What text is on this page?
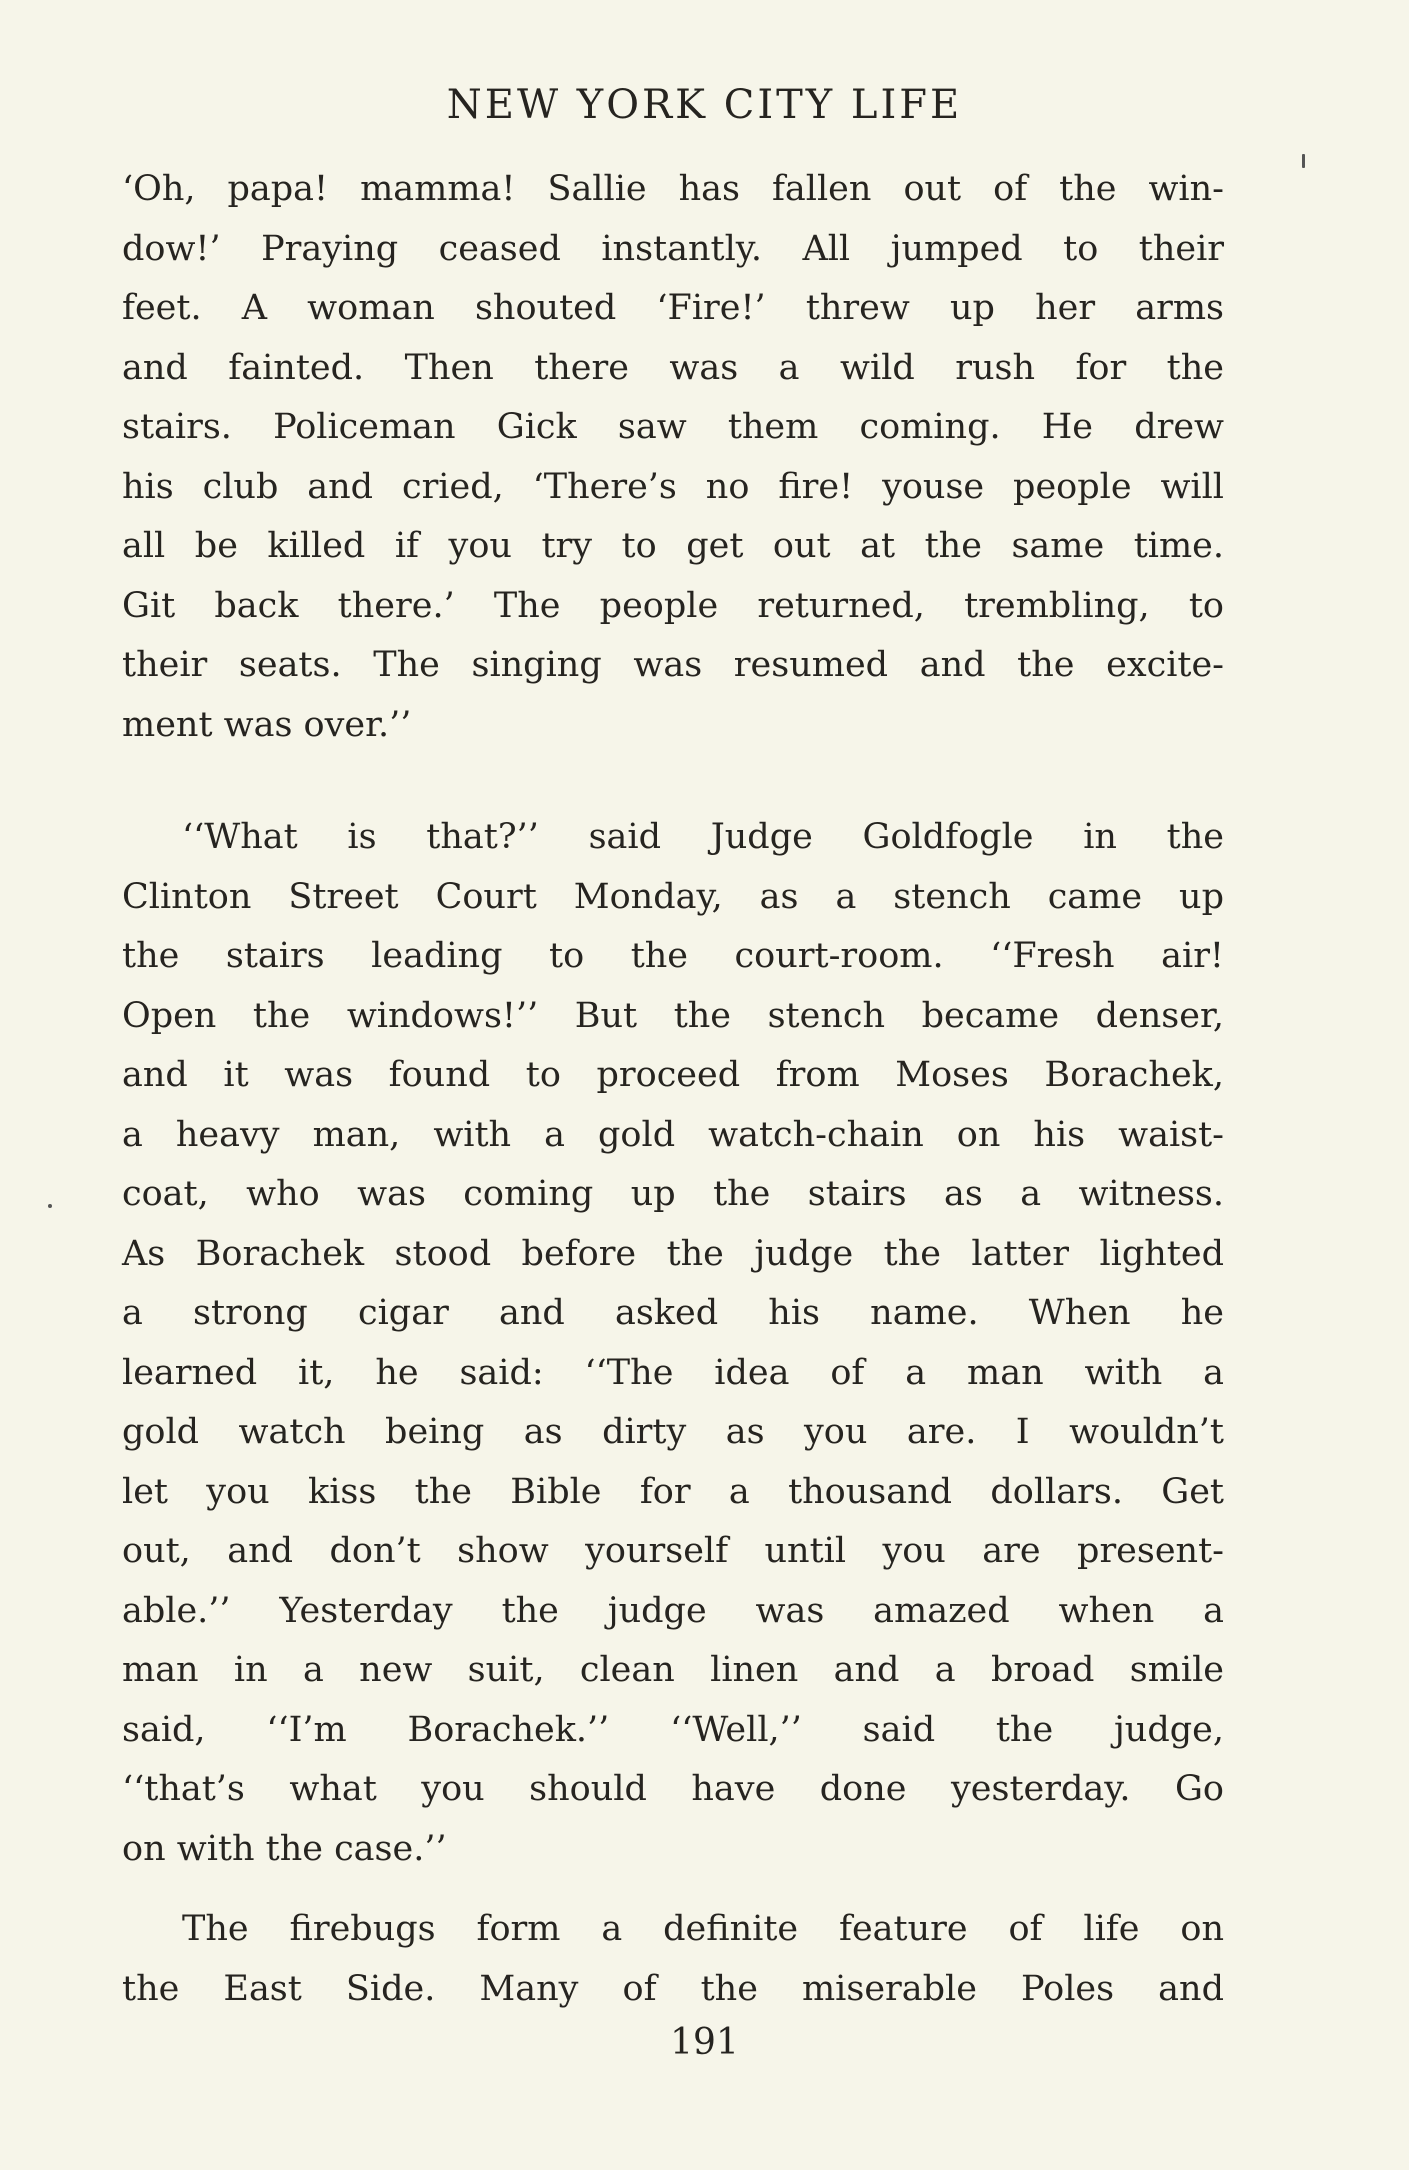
NEW YORK CITY LIFE
‘Oh, papa! mamma! Sallie has fallen out of the win-
dow!’ Praying ceased instantly. All jumped to their
feet. A woman shouted ‘Fire!’ threw up her arms
and fainted. Then there was a wild rush for the
stairs. Policeman Gick saw them coming. He drew
his club and cried, ‘There’s no fire! youse people will
all be killed if you try to get out at the same time.
Git back there.’ The people returned, trembling, to
their seats. The singing was resumed and the excite-
ment was over.’’
‘‘What is that?’’ said Judge Goldfogle in the
Clinton Street Court Monday, as a stench came up
the stairs leading to the court-room. ‘‘Fresh air!
Open the windows!’’ But the stench became denser,
and it was found to proceed from Moses Borachek,
a heavy man, with a gold watch-chain on his waist-
coat, who was coming up the stairs as a witness.
As Borachek stood before the judge the latter lighted
a strong cigar and asked his name. When he
learned it, he said: ‘‘The idea of a man with a
gold watch being as dirty as you are. I wouldn’t
let you kiss the Bible for a thousand dollars. Get
out, and don’t show yourself until you are present-
able.’’ Yesterday the judge was amazed when a
man in a new suit, clean linen and a broad smile
said, ‘‘I’m Borachek.’’ ‘‘Well,’’ said the judge,
‘‘that’s what you should have done yesterday. Go
on with the case.’’
The firebugs form a definite feature of life on
the East Side. Many of the miserable Poles and
191
